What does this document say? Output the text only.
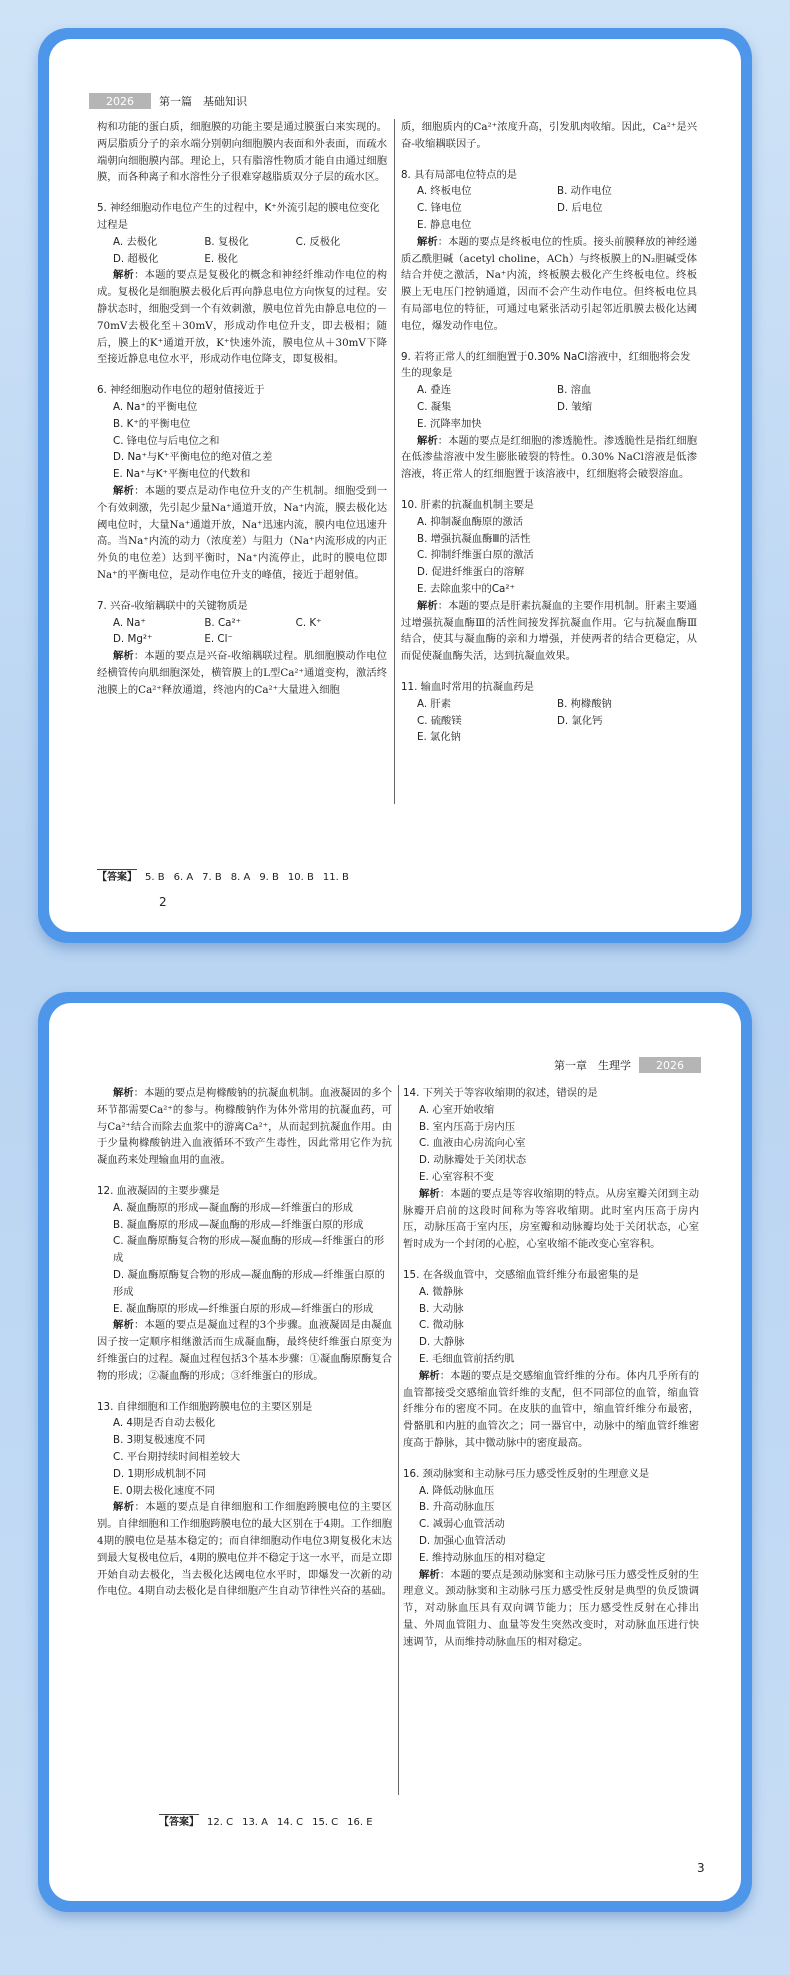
2026	第一篇　基础知识
构和功能的蛋白质，细胞膜的功能主要是通过膜蛋白来实现的。两层脂质分子的亲水端分别朝向细胞膜内表面和外表面，而疏水端朝向细胞膜内部。理论上，只有脂溶性物质才能自由通过细胞膜，而各种离子和水溶性分子很难穿越脂质双分子层的疏水区。
5. 神经细胞动作电位产生的过程中，K⁺外流引起的膜电位变化过程是
A. 去极化	B. 复极化	C. 反极化
D. 超极化	E. 极化
解析：本题的要点是复极化的概念和神经纤维动作电位的构成。复极化是细胞膜去极化后再向静息电位方向恢复的过程。安静状态时，细胞受到一个有效刺激，膜电位首先由静息电位的－70mV去极化至＋30mV，形成动作电位升支，即去极相；随后，膜上的K⁺通道开放，K⁺快速外流，膜电位从＋30mV下降至接近静息电位水平，形成动作电位降支，即复极相。
6. 神经细胞动作电位的超射值接近于
A. Na⁺的平衡电位
B. K⁺的平衡电位
C. 锋电位与后电位之和
D. Na⁺与K⁺平衡电位的绝对值之差
E. Na⁺与K⁺平衡电位的代数和
解析：本题的要点是动作电位升支的产生机制。细胞受到一个有效刺激，先引起少量Na⁺通道开放，Na⁺内流，膜去极化达阈电位时，大量Na⁺通道开放，Na⁺迅速内流，膜内电位迅速升高。当Na⁺内流的动力（浓度差）与阻力（Na⁺内流形成的内正外负的电位差）达到平衡时，Na⁺内流停止，此时的膜电位即Na⁺的平衡电位，是动作电位升支的峰值，接近于超射值。
7. 兴奋-收缩耦联中的关键物质是
A. Na⁺	B. Ca²⁺	C. K⁺
D. Mg²⁺	E. Cl⁻
解析：本题的要点是兴奋-收缩耦联过程。肌细胞膜动作电位经横管传向肌细胞深处，横管膜上的L型Ca²⁺通道变构，激活终池膜上的Ca²⁺释放通道，终池内的Ca²⁺大量进入细胞
质，细胞质内的Ca²⁺浓度升高，引发肌肉收缩。因此，Ca²⁺是兴奋-收缩耦联因子。
8. 具有局部电位特点的是
A. 终板电位	B. 动作电位
C. 锋电位	D. 后电位
E. 静息电位
解析：本题的要点是终板电位的性质。接头前膜释放的神经递质乙酰胆碱（acetyl choline，ACh）与终板膜上的N₂胆碱受体结合并使之激活，Na⁺内流，终板膜去极化产生终板电位。终板膜上无电压门控钠通道，因而不会产生动作电位。但终板电位具有局部电位的特征，可通过电紧张活动引起邻近肌膜去极化达阈电位，爆发动作电位。
9. 若将正常人的红细胞置于0.30% NaCl溶液中，红细胞将会发生的现象是
A. 叠连	B. 溶血
C. 凝集	D. 皱缩
E. 沉降率加快
解析：本题的要点是红细胞的渗透脆性。渗透脆性是指红细胞在低渗盐溶液中发生膨胀破裂的特性。0.30% NaCl溶液是低渗溶液，将正常人的红细胞置于该溶液中，红细胞将会破裂溶血。
10. 肝素的抗凝血机制主要是
A. 抑制凝血酶原的激活
B. 增强抗凝血酶Ⅲ的活性
C. 抑制纤维蛋白原的激活
D. 促进纤维蛋白的溶解
E. 去除血浆中的Ca²⁺
解析：本题的要点是肝素抗凝血的主要作用机制。肝素主要通过增强抗凝血酶Ⅲ的活性间接发挥抗凝血作用。它与抗凝血酶Ⅲ结合，使其与凝血酶的亲和力增强，并使两者的结合更稳定，从而促使凝血酶失活，达到抗凝血效果。
11. 输血时常用的抗凝血药是
A. 肝素	B. 枸橼酸钠
C. 硫酸镁	D. 氯化钙
E. 氯化钠
【答案】 5. B 6. A 7. B 8. A 9. B 10. B 11. B
2
第一章　生理学	2026
解析：本题的要点是枸橼酸钠的抗凝血机制。血液凝固的多个环节都需要Ca²⁺的参与。枸橼酸钠作为体外常用的抗凝血药，可与Ca²⁺结合而除去血浆中的游离Ca²⁺，从而起到抗凝血作用。由于少量枸橼酸钠进入血液循环不致产生毒性，因此常用它作为抗凝血药来处理输血用的血液。
12. 血液凝固的主要步骤是
A. 凝血酶原的形成—凝血酶的形成—纤维蛋白的形成
B. 凝血酶原的形成—凝血酶的形成—纤维蛋白原的形成
C. 凝血酶原酶复合物的形成—凝血酶的形成—纤维蛋白的形成
D. 凝血酶原酶复合物的形成—凝血酶的形成—纤维蛋白原的形成
E. 凝血酶原的形成—纤维蛋白原的形成—纤维蛋白的形成
解析：本题的要点是凝血过程的3个步骤。血液凝固是由凝血因子按一定顺序相继激活而生成凝血酶，最终使纤维蛋白原变为纤维蛋白的过程。凝血过程包括3个基本步骤：①凝血酶原酶复合物的形成；②凝血酶的形成；③纤维蛋白的形成。
13. 自律细胞和工作细胞跨膜电位的主要区别是
A. 4期是否自动去极化
B. 3期复极速度不同
C. 平台期持续时间相差较大
D. 1期形成机制不同
E. 0期去极化速度不同
解析：本题的要点是自律细胞和工作细胞跨膜电位的主要区别。自律细胞和工作细胞跨膜电位的最大区别在于4期。工作细胞4期的膜电位是基本稳定的；而自律细胞动作电位3期复极化末达到最大复极电位后，4期的膜电位并不稳定于这一水平，而是立即开始自动去极化，当去极化达阈电位水平时，即爆发一次新的动作电位。4期自动去极化是自律细胞产生自动节律性兴奋的基础。
14. 下列关于等容收缩期的叙述，错误的是
A. 心室开始收缩
B. 室内压高于房内压
C. 血液由心房流向心室
D. 动脉瓣处于关闭状态
E. 心室容积不变
解析：本题的要点是等容收缩期的特点。从房室瓣关闭到主动脉瓣开启前的这段时间称为等容收缩期。此时室内压高于房内压，动脉压高于室内压，房室瓣和动脉瓣均处于关闭状态，心室暂时成为一个封闭的心腔，心室收缩不能改变心室容积。
15. 在各级血管中，交感缩血管纤维分布最密集的是
A. 微静脉
B. 大动脉
C. 微动脉
D. 大静脉
E. 毛细血管前括约肌
解析：本题的要点是交感缩血管纤维的分布。体内几乎所有的血管都接受交感缩血管纤维的支配，但不同部位的血管，缩血管纤维分布的密度不同。在皮肤的血管中，缩血管纤维分布最密，骨骼肌和内脏的血管次之；同一器官中，动脉中的缩血管纤维密度高于静脉，其中微动脉中的密度最高。
16. 颈动脉窦和主动脉弓压力感受性反射的生理意义是
A. 降低动脉血压
B. 升高动脉血压
C. 减弱心血管活动
D. 加强心血管活动
E. 维持动脉血压的相对稳定
解析：本题的要点是颈动脉窦和主动脉弓压力感受性反射的生理意义。颈动脉窦和主动脉弓压力感受性反射是典型的负反馈调节，对动脉血压具有双向调节能力；压力感受性反射在心排出量、外周血管阻力、血量等发生突然改变时，对动脉血压进行快速调节，从而维持动脉血压的相对稳定。
【答案】 12. C 13. A 14. C 15. C 16. E
3
